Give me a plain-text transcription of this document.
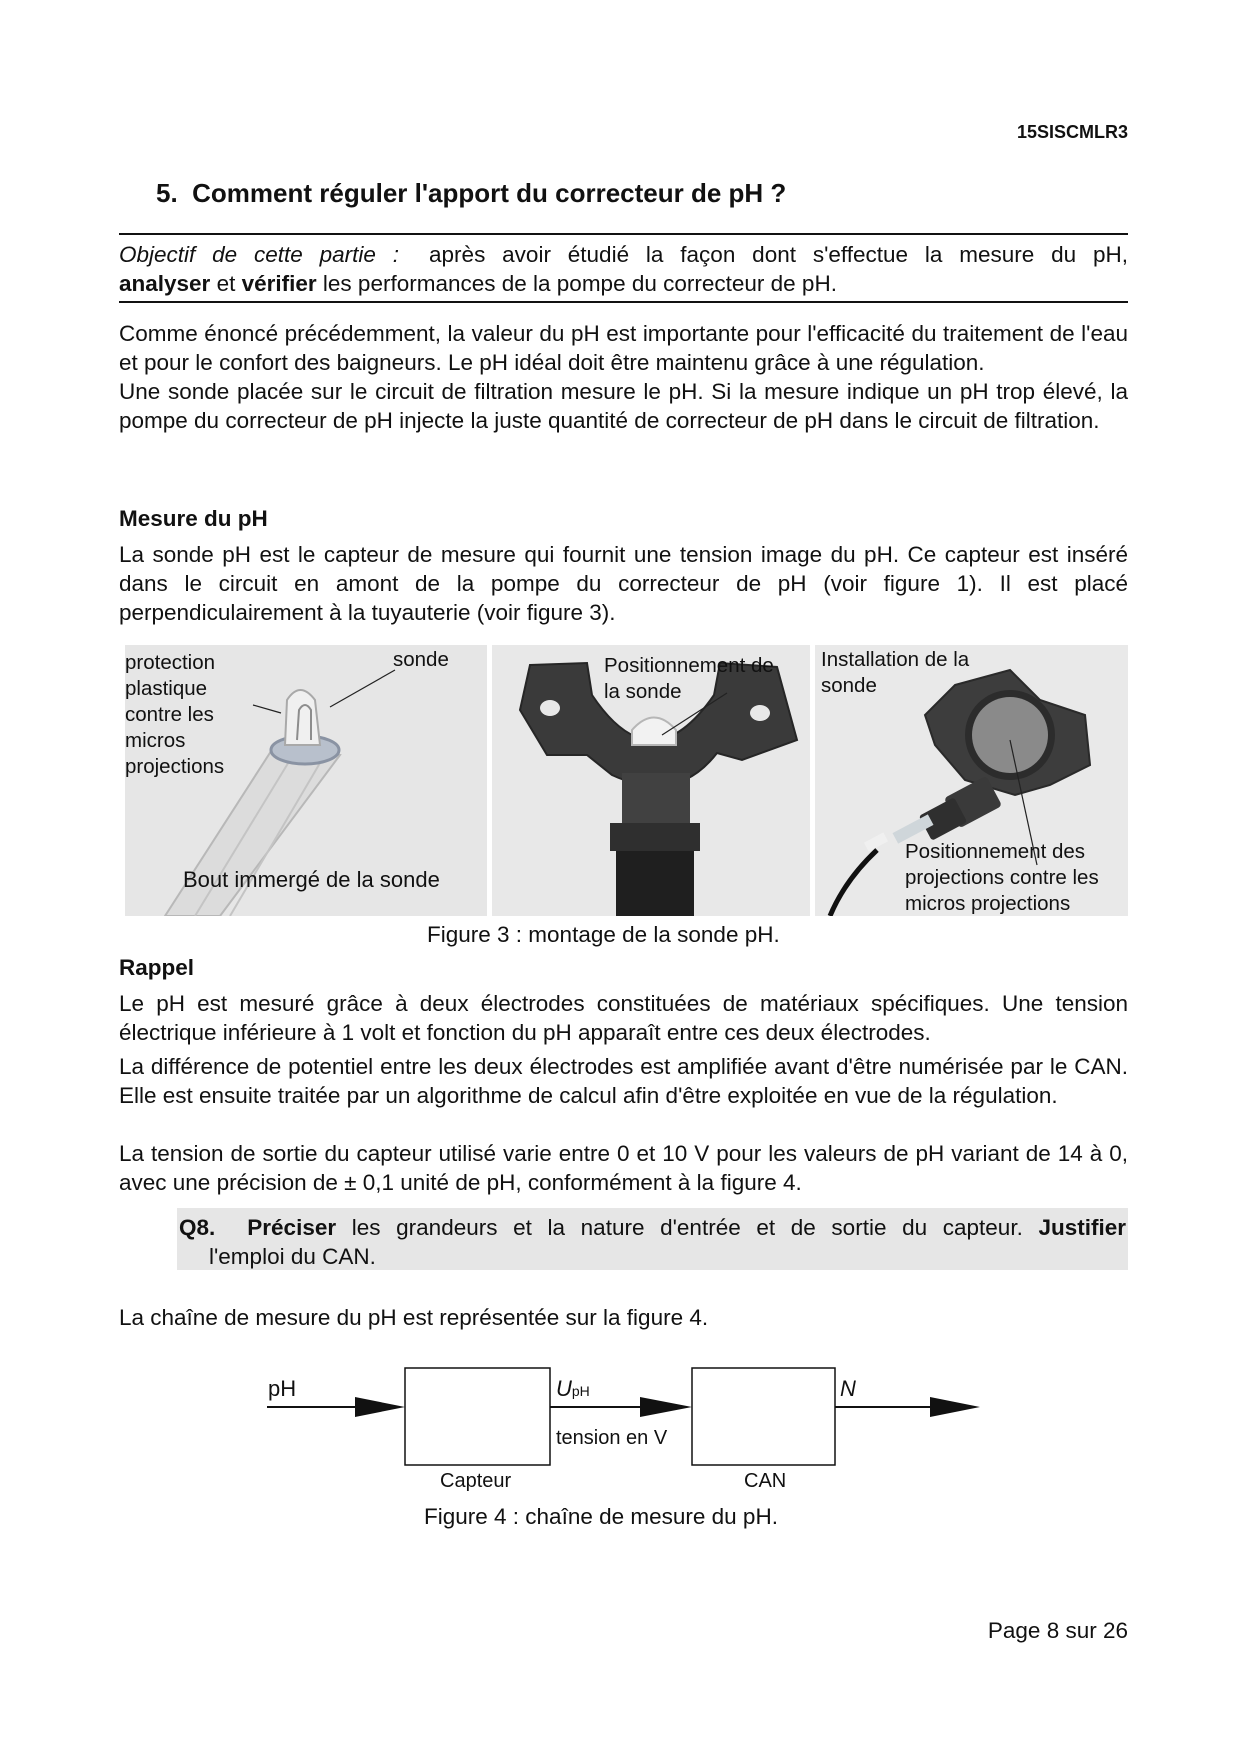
15SISCMLR3
5. Comment réguler l'apport du correcteur de pH ?

Objectif de cette partie : après avoir étudié la façon dont s'effectue la mesure du pH,

analyser et vérifier les performances de la pompe du correcteur de pH.

Comme énoncé précédemment, la valeur du pH est importante pour l'efficacité du traitement de l'eau et pour le confort des baigneurs. Le pH idéal doit être maintenu grâce à une régulation.

Une sonde placée sur le circuit de filtration mesure le pH. Si la mesure indique un pH trop élevé, la pompe du correcteur de pH injecte la juste quantité de correcteur de pH dans le circuit de filtration.

Mesure du pH
La sonde pH est le capteur de mesure qui fournit une tension image du pH. Ce capteur est inséré dans le circuit en amont de la pompe du correcteur de pH (voir figure 1). Il est placé perpendiculairement à la tuyauterie (voir figure 3).
protection
plastique
contre les
micros
projections
sonde
Bout immergé de la sonde
Positionnement de
la sonde
Installation de la
sonde
Positionnement des
projections contre les
micros projections
Figure 3 : montage de la sonde pH.
Rappel
Le pH est mesuré grâce à deux électrodes constituées de matériaux spécifiques. Une tension électrique inférieure à 1 volt et fonction du pH apparaît entre ces deux électrodes.
La différence de potentiel entre les deux électrodes est amplifiée avant d'être numérisée par le CAN. Elle est ensuite traitée par un algorithme de calcul afin d'être exploitée en vue de la régulation.
La tension de sortie du capteur utilisé varie entre 0 et 10 V pour les valeurs de pH variant de 14 à 0, avec une précision de ± 0,1 unité de pH, conformément à la figure 4.
Q8. Préciser les grandeurs et la nature d'entrée et de sortie du capteur. Justifier
l'emploi du CAN.
La chaîne de mesure du pH est représentée sur la figure 4.
pH	UpH
tension en V
N
Capteur	CAN
Figure 4 : chaîne de mesure du pH.
Page 8 sur 26
